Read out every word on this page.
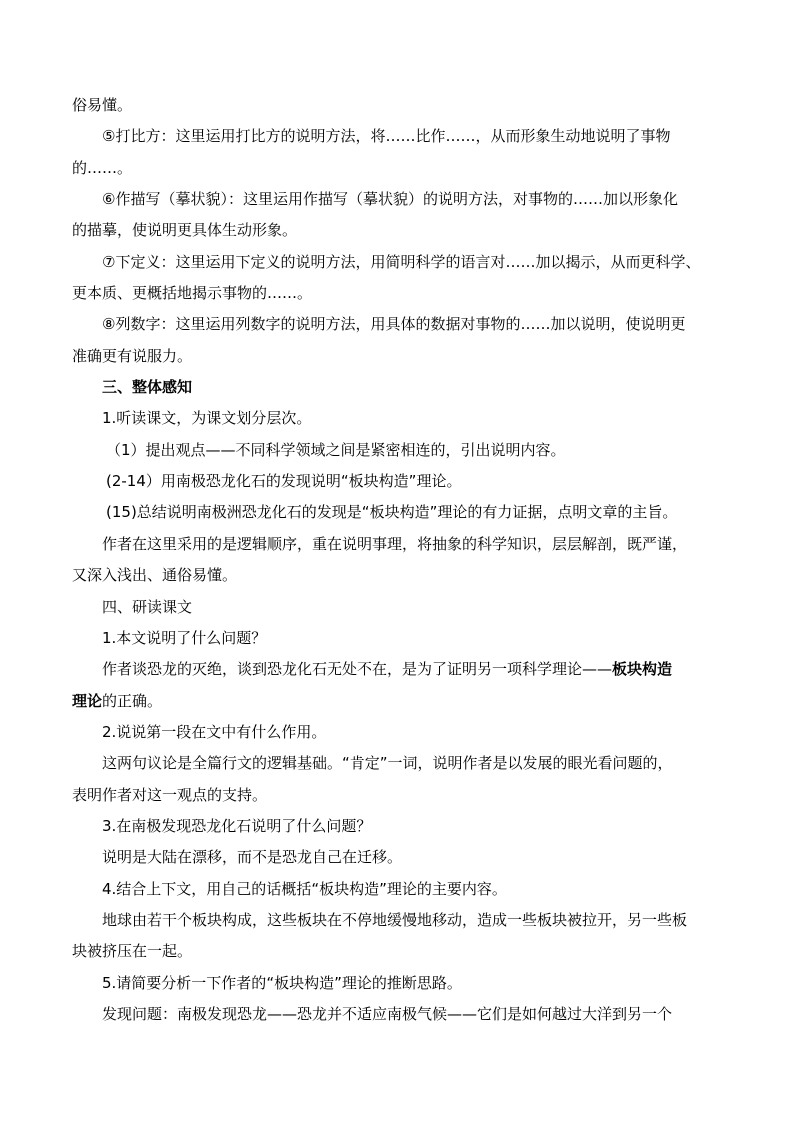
俗易懂。
⑤打比方：这里运用打比方的说明方法，将……比作……，从而形象生动地说明了事物
的……。
⑥作描写（摹状貌）：这里运用作描写（摹状貌）的说明方法，对事物的……加以形象化
的描摹，使说明更具体生动形象。
⑦下定义：这里运用下定义的说明方法，用简明科学的语言对……加以揭示，从而更科学、
更本质、更概括地揭示事物的……。
⑧列数字：这里运用列数字的说明方法，用具体的数据对事物的……加以说明，使说明更
准确更有说服力。
三、整体感知
1.听读课文，为课文划分层次。
（1）提出观点——不同科学领域之间是紧密相连的，引出说明内容。
(2-14）用南极恐龙化石的发现说明“板块构造”理论。
(15)总结说明南极洲恐龙化石的发现是“板块构造”理论的有力证据，点明文章的主旨。
作者在这里采用的是逻辑顺序，重在说明事理，将抽象的科学知识，层层解剖，既严谨，
又深入浅出、通俗易懂。
四、研读课文
1.本文说明了什么问题？
作者谈恐龙的灭绝，谈到恐龙化石无处不在，是为了证明另一项科学理论——板块构造
理论的正确。
2.说说第一段在文中有什么作用。
这两句议论是全篇行文的逻辑基础。“肯定”一词，说明作者是以发展的眼光看问题的，
表明作者对这一观点的支持。
3.在南极发现恐龙化石说明了什么问题？
说明是大陆在漂移，而不是恐龙自己在迁移。
4.结合上下文，用自己的话概括“板块构造”理论的主要内容。
地球由若干个板块构成，这些板块在不停地缓慢地移动，造成一些板块被拉开，另一些板
块被挤压在一起。
5.请简要分析一下作者的“板块构造”理论的推断思路。
发现问题：南极发现恐龙——恐龙并不适应南极气候——它们是如何越过大洋到另一个
